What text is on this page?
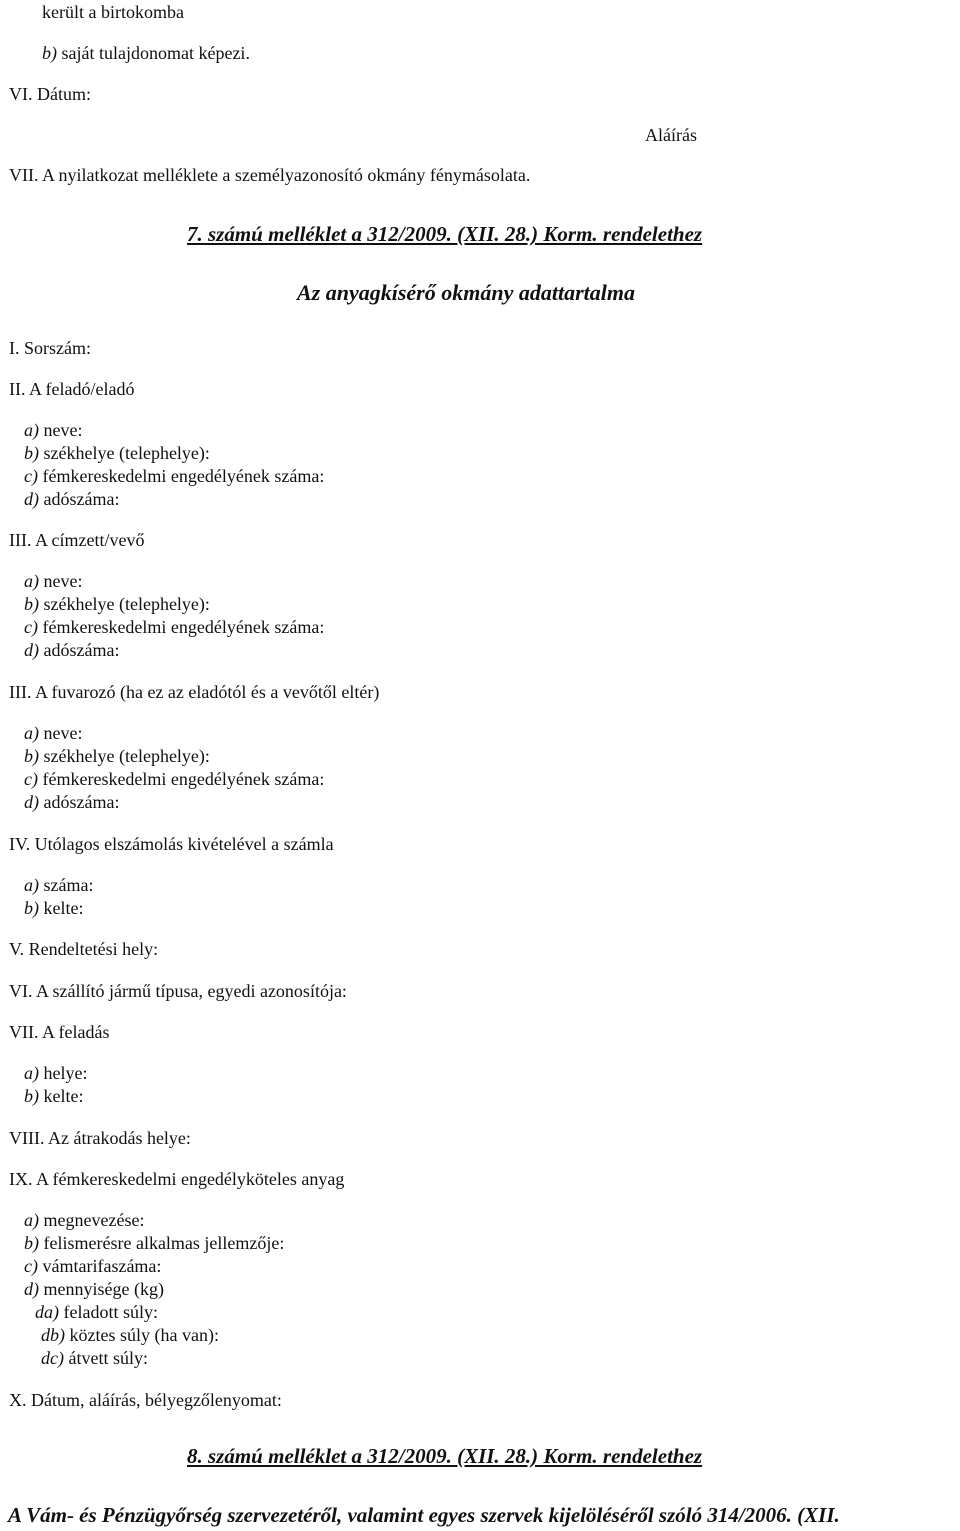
került a birtokomba
b) saját tulajdonomat képezi.
VI. Dátum:
Aláírás
VII. A nyilatkozat melléklete a személyazonosító okmány fénymásolata.
7. számú melléklet a 312/2009. (XII. 28.) Korm. rendelethez
Az anyagkísérő okmány adattartalma
I. Sorszám:
II. A feladó/eladó
a) neve:
b) székhelye (telephelye):
c) fémkereskedelmi engedélyének száma:
d) adószáma:
III. A címzett/vevő
a) neve:
b) székhelye (telephelye):
c) fémkereskedelmi engedélyének száma:
d) adószáma:
III. A fuvarozó (ha ez az eladótól és a vevőtől eltér)
a) neve:
b) székhelye (telephelye):
c) fémkereskedelmi engedélyének száma:
d) adószáma:
IV. Utólagos elszámolás kivételével a számla
a) száma:
b) kelte:
V. Rendeltetési hely:
VI. A szállító jármű típusa, egyedi azonosítója:
VII. A feladás
a) helye:
b) kelte:
VIII. Az átrakodás helye:
IX. A fémkereskedelmi engedélyköteles anyag
a) megnevezése:
b) felismerésre alkalmas jellemzője:
c) vámtarifaszáma:
d) mennyisége (kg)
da) feladott súly:
db) köztes súly (ha van):
dc) átvett súly:
X. Dátum, aláírás, bélyegzőlenyomat:
8. számú melléklet a 312/2009. (XII. 28.) Korm. rendelethez
A Vám- és Pénzügyőrség szervezetéről, valamint egyes szervek kijelöléséről szóló 314/2006. (XII.
